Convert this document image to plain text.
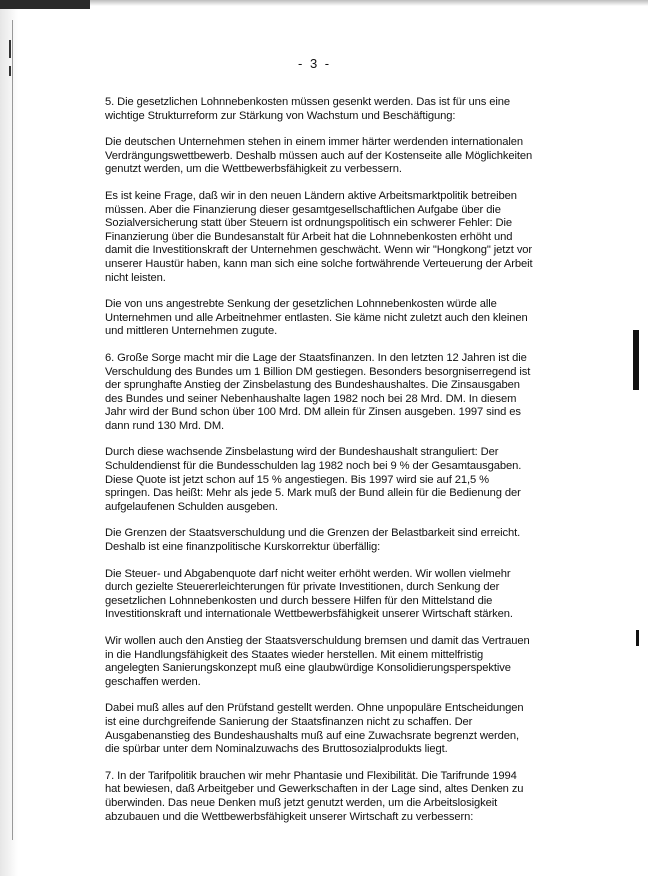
- 3 -

5. Die gesetzlichen Lohnnebenkosten müssen gesenkt werden. Das ist für uns eine wichtige Strukturreform zur Stärkung von Wachstum und Beschäftigung:

Die deutschen Unternehmen stehen in einem immer härter werdenden internationalen Verdrängungswettbewerb. Deshalb müssen auch auf der Kostenseite alle Möglichkeiten genutzt werden, um die Wettbewerbsfähigkeit zu verbessern.

Es ist keine Frage, daß wir in den neuen Ländern aktive Arbeitsmarktpolitik betreiben müssen. Aber die Finanzierung dieser gesamtgesellschaftlichen Aufgabe über die Sozialversicherung statt über Steuern ist ordnungspolitisch ein schwerer Fehler: Die Finanzierung über die Bundesanstalt für Arbeit hat die Lohnnebenkosten erhöht und damit die Investitionskraft der Unternehmen geschwächt. Wenn wir "Hongkong" jetzt vor unserer Haustür haben, kann man sich eine solche fortwährende Verteuerung der Arbeit nicht leisten.

Die von uns angestrebte Senkung der gesetzlichen Lohnnebenkosten würde alle Unternehmen und alle Arbeitnehmer entlasten. Sie käme nicht zuletzt auch den kleinen und mittleren Unternehmen zugute.

6. Große Sorge macht mir die Lage der Staatsfinanzen. In den letzten 12 Jahren ist die Verschuldung des Bundes um 1 Billion DM gestiegen. Besonders besorgniserregend ist der sprunghafte Anstieg der Zinsbelastung des Bundeshaushaltes. Die Zinsausgaben des Bundes und seiner Nebenhaushalte lagen 1982 noch bei 28 Mrd. DM. In diesem Jahr wird der Bund schon über 100 Mrd. DM allein für Zinsen ausgeben. 1997 sind es dann rund 130 Mrd. DM.

Durch diese wachsende Zinsbelastung wird der Bundeshaushalt stranguliert: Der Schuldendienst für die Bundesschulden lag 1982 noch bei 9 % der Gesamtausgaben. Diese Quote ist jetzt schon auf 15 % angestiegen. Bis 1997 wird sie auf 21,5 % springen. Das heißt: Mehr als jede 5. Mark muß der Bund allein für die Bedienung der aufgelaufenen Schulden ausgeben.

Die Grenzen der Staatsverschuldung und die Grenzen der Belastbarkeit sind erreicht. Deshalb ist eine finanzpolitische Kurskorrektur überfällig:

Die Steuer- und Abgabenquote darf nicht weiter erhöht werden. Wir wollen vielmehr durch gezielte Steuererleichterungen für private Investitionen, durch Senkung der gesetzlichen Lohnnebenkosten und durch bessere Hilfen für den Mittelstand die Investitionskraft und internationale Wettbewerbsfähigkeit unserer Wirtschaft stärken.

Wir wollen auch den Anstieg der Staatsverschuldung bremsen und damit das Vertrauen in die Handlungsfähigkeit des Staates wieder herstellen. Mit einem mittelfristig angelegten Sanierungskonzept muß eine glaubwürdige Konsolidierungsperspektive geschaffen werden.

Dabei muß alles auf den Prüfstand gestellt werden. Ohne unpopuläre Entscheidungen ist eine durchgreifende Sanierung der Staatsfinanzen nicht zu schaffen. Der Ausgabenanstieg des Bundeshaushalts muß auf eine Zuwachsrate begrenzt werden, die spürbar unter dem Nominalzuwachs des Bruttosozialprodukts liegt.

7. In der Tarifpolitik brauchen wir mehr Phantasie und Flexibilität. Die Tarifrunde 1994 hat bewiesen, daß Arbeitgeber und Gewerkschaften in der Lage sind, altes Denken zu überwinden. Das neue Denken muß jetzt genutzt werden, um die Arbeitslosigkeit abzubauen und die Wettbewerbsfähigkeit unserer Wirtschaft zu verbessern:
